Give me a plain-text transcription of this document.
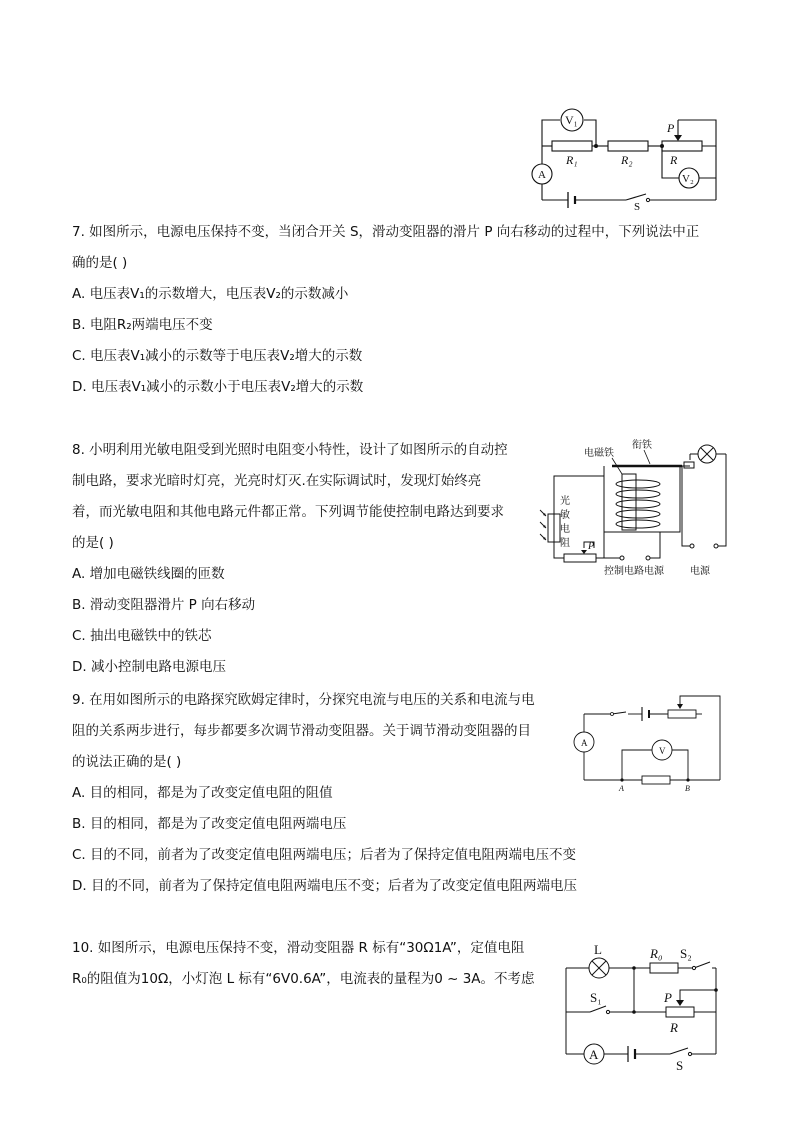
V₁
A	V₂
R₁	R₂	R
P
S
7. 如图所示，电源电压保持不变，当闭合开关 S，滑动变阻器的滑片 P 向右移动的过程中，下列说法中正
确的是( )
A. 电压表V₁的示数增大，电压表V₂的示数减小
B. 电阻R₂两端电压不变
C. 电压表V₁减小的示数等于电压表V₂增大的示数
D. 电压表V₁减小的示数小于电压表V₂增大的示数
8. 小明利用光敏电阻受到光照时电阻变小特性，设计了如图所示的自动控
制电路，要求光暗时灯亮，光亮时灯灭.在实际调试时，发现灯始终亮
着，而光敏电阻和其他电路元件都正常。下列调节能使控制电路达到要求
的是( )
A. 增加电磁铁线圈的匝数
B. 滑动变阻器滑片 P 向右移动
C. 抽出电磁铁中的铁芯
D. 减小控制电路电源电压
电磁铁
衔铁
光
敏
电
阻 P
控制电路电源	电源
9. 在用如图所示的电路探究欧姆定律时，分探究电流与电压的关系和电流与电
阻的关系两步进行，每步都要多次调节滑动变阻器。关于调节滑动变阻器的目
的说法正确的是( )
A. 目的相同，都是为了改变定值电阻的阻值
B. 目的相同，都是为了改变定值电阻两端电压
C. 目的不同，前者为了改变定值电阻两端电压；后者为了保持定值电阻两端电压不变
D. 目的不同，前者为了保持定值电阻两端电压不变；后者为了改变定值电阻两端电压
A
V
A	B
10. 如图所示，电源电压保持不变，滑动变阻器 R 标有“30Ω1A”，定值电阻
R₀的阻值为10Ω，小灯泡 L 标有“6V0.6A”，电流表的量程为0 ~ 3A。不考虑
A
L	R₀ S₂
S₁	P
R
S
